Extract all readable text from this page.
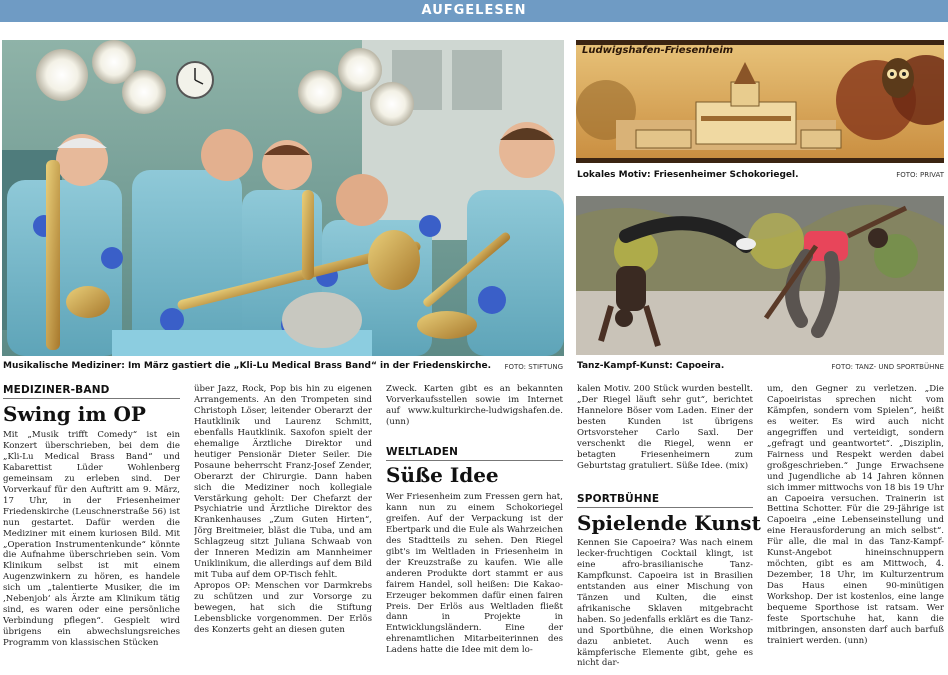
AUFGELESEN
Musikalische Mediziner: Im März gastiert die „Kli-Lu Medical Brass Band“ in der Friedenskirche.	FOTO: STIFTUNG
Ludwigshafen-Friesenheim
Lokales Motiv: Friesenheimer Schokoriegel.	FOTO: PRIVAT
Tanz-Kampf-Kunst: Capoeira.	FOTO: TANZ- UND SPORTBÜHNE
MEDIZINER-BAND
Swing im OP
Mit „Musik trifft Comedy“ ist ein Konzert überschrieben, bei dem die „Kli-Lu Medical Brass Band“ und Kabarettist Lüder Wohlenberg gemeinsam zu erleben sind. Der Vorverkauf für den Auftritt am 9. März, 17 Uhr, in der Friesenheimer Friedenskirche (Leuschnerstraße 56) ist nun gestartet. Dafür werden die Mediziner mit einem kuriosen Bild. Mit „Operation Instrumentenkunde“ könnte die Aufnahme überschrieben sein. Vom Klinikum selbst ist mit einem Augenzwinkern zu hören, es handele sich um „talentierte Musiker, die im ‚Nebenjob‘ als Ärzte am Klinikum tätig sind, es waren oder eine persönliche Verbindung pflegen“. Gespielt wird übrigens ein abwechslungsreiches Programm von klassischen Stücken
über Jazz, Rock, Pop bis hin zu eigenen Arrangements. An den Trompeten sind Christoph Löser, leitender Oberarzt der Hautklinik und Laurenz Schmitt, ebenfalls Hautklinik. Saxofon spielt der ehemalige Ärztliche Direktor und heutiger Pensionär Dieter Seiler. Die Posaune beherrscht Franz-Josef Zender, Oberarzt der Chirurgie. Dann haben sich die Mediziner noch kollegiale Verstärkung geholt: Der Chefarzt der Psychiatrie und Ärztliche Direktor des Krankenhauses „Zum Guten Hirten“, Jörg Breitmeier, bläst die Tuba, und am Schlagzeug sitzt Juliana Schwaab von der Inneren Medizin am Mannheimer Uniklinikum, die allerdings auf dem Bild mit Tuba auf dem OP-Tisch fehlt.
Apropos OP: Menschen vor Darmkrebs zu schützen und zur Vorsorge zu bewegen, hat sich die Stiftung Lebensblicke vorgenommen. Der Erlös des Konzerts geht an diesen guten
Zweck. Karten gibt es an bekannten Vorverkaufsstellen sowie im Internet auf www.kulturkirche-ludwigshafen.de. (unn)
WELTLADEN
Süße Idee
Wer Friesenheim zum Fressen gern hat, kann nun zu einem Schokoriegel greifen. Auf der Verpackung ist der Ebertpark und die Eule als Wahrzeichen des Stadtteils zu sehen. Den Riegel gibt's im Weltladen in Friesenheim in der Kreuzstraße zu kaufen. Wie alle anderen Produkte dort stammt er aus fairem Handel, soll heißen: Die Kakao-Erzeuger bekommen dafür einen fairen Preis. Der Erlös aus Weltladen fließt dann in Projekte in Entwicklungsländern. Eine der ehrenamtlichen Mitarbeiterinnen des Ladens hatte die Idee mit dem lo-
kalen Motiv. 200 Stück wurden bestellt. „Der Riegel läuft sehr gut“, berichtet Hannelore Böser vom Laden. Einer der besten Kunden ist übrigens Ortsvorsteher Carlo Saxl. Der verschenkt die Riegel, wenn er betagten Friesenheimern zum Geburtstag gratuliert. Süße Idee. (mix)
SPORTBÜHNE
Spielende Kunst
Kennen Sie Capoeira? Was nach einem lecker-fruchtigen Cocktail klingt, ist eine afro-brasilianische Tanz-Kampfkunst. Capoeira ist in Brasilien entstanden aus einer Mischung von Tänzen und Kulten, die einst afrikanische Sklaven mitgebracht haben. So jedenfalls erklärt es die Tanz- und Sportbühne, die einen Workshop dazu anbietet. Auch wenn es kämpferische Elemente gibt, gehe es nicht dar-
um, den Gegner zu verletzen. „Die Capoeiristas sprechen nicht vom Kämpfen, sondern vom Spielen“, heißt es weiter. Es wird auch nicht angegriffen und verteidigt, sondern „gefragt und geantwortet“. „Disziplin, Fairness und Respekt werden dabei großgeschrieben.“ Junge Erwachsene und Jugendliche ab 14 Jahren können sich immer mittwochs von 18 bis 19 Uhr an Capoeira versuchen. Trainerin ist Bettina Schotter. Für die 29-Jährige ist Capoeira „eine Lebenseinstellung und eine Herausforderung an mich selbst“. Für alle, die mal in das Tanz-Kampf-Kunst-Angebot hineinschnuppern möchten, gibt es am Mittwoch, 4. Dezember, 18 Uhr, im Kulturzentrum Das Haus einen 90-minütigen Workshop. Der ist kostenlos, eine lange bequeme Sporthose ist ratsam. Wer feste Sportschuhe hat, kann die mitbringen, ansonsten darf auch barfuß trainiert werden. (unn)
